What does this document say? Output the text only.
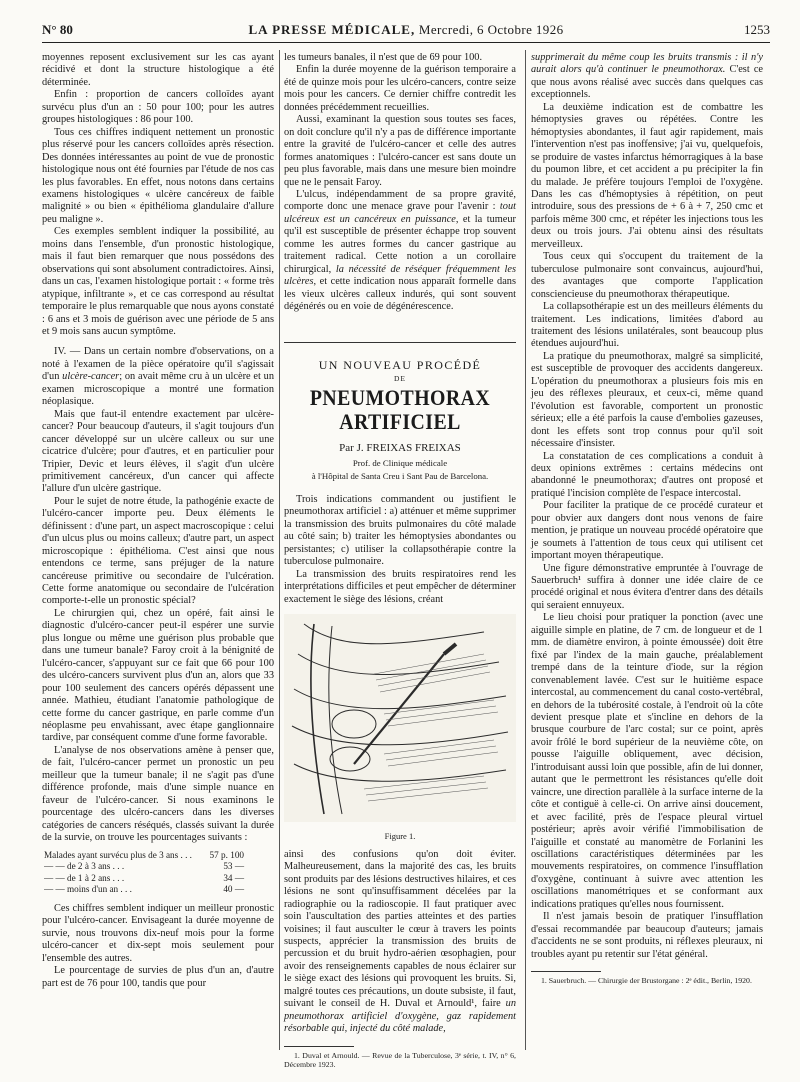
N° 80	LA PRESSE MÉDICALE, Mercredi, 6 Octobre 1926	1253

moyennes reposent exclusivement sur les cas ayant récidivé et dont la structure histologique a été déterminée.

Enfin : proportion de cancers colloïdes ayant survécu plus d'un an : 50 pour 100; pour les autres groupes histologiques : 86 pour 100.

Tous ces chiffres indiquent nettement un pronostic plus réservé pour les cancers colloïdes après résection. Des données intéressantes au point de vue de pronostic histologique nous ont été fournies par l'étude de nos cas les plus favorables. En effet, nous notons dans certains examens histologiques « ulcère cancéreux de faible malignité » ou bien « épithélioma glandulaire d'allure peu maligne ».

Ces exemples semblent indiquer la possibilité, au moins dans l'ensemble, d'un pronostic histologique, mais il faut bien remarquer que nous possédons des observations qui sont absolument contradictoires. Ainsi, dans un cas, l'examen histologique portait : « forme très atypique, infiltrante », et ce cas correspond au résultat temporaire le plus remarquable que nous ayons constaté : 6 ans et 3 mois de guérison avec une période de 5 ans et 9 mois sans aucun symptôme.

IV. — Dans un certain nombre d'observations, on a noté à l'examen de la pièce opératoire qu'il s'agissait d'un ulcère-cancer; on avait même cru à un ulcère et un examen microscopique a montré une formation néoplasique.

Mais que faut-il entendre exactement par ulcère-cancer? Pour beaucoup d'auteurs, il s'agit toujours d'un cancer développé sur un ulcère calleux ou sur une cicatrice d'ulcère; pour d'autres, et en particulier pour Tripier, Devic et leurs élèves, il s'agit d'un ulcère primitivement cancéreux, d'un cancer qui affecte l'allure d'un ulcère gastrique.

Pour le sujet de notre étude, la pathogénie exacte de l'ulcéro-cancer importe peu. Deux éléments le définissent : d'une part, un aspect macroscopique : celui d'un ulcus plus ou moins calleux; d'autre part, un aspect microscopique : épithélioma. C'est ainsi que nous entendons ce terme, sans préjuger de la nature cancéreuse primitive ou secondaire de l'ulcération. Cette forme anatomique ou secondaire de l'ulcération comporte-t-elle un pronostic spécial?

Le chirurgien qui, chez un opéré, fait ainsi le diagnostic d'ulcéro-cancer peut-il espérer une survie plus longue ou même une guérison plus probable que dans une tumeur banale? Faroy croit à la bénignité de l'ulcéro-cancer, s'appuyant sur ce fait que 66 pour 100 des ulcéro-cancers survivent plus d'un an, alors que 33 pour 100 seulement des cancers opérés dépassent une année. Mathieu, étudiant l'anatomie pathologique de cette forme du cancer gastrique, en parle comme d'un néoplasme peu envahissant, avec étape ganglionnaire tardive, par conséquent comme d'une forme favorable.

L'analyse de nos observations amène à penser que, de fait, l'ulcéro-cancer permet un pronostic un peu meilleur que la tumeur banale; il ne s'agit pas d'une différence profonde, mais d'une simple nuance en faveur de l'ulcéro-cancer. Si nous examinons le pourcentage des ulcéro-cancers dans les diverses catégories de cancers réséqués, classés suivant la durée de la survie, on trouve les pourcentages suivants :

Malades ayant survécu plus de 3 ans . . .	57 p. 100
— — de 2 à 3 ans . . .	53 —
— — de 1 à 2 ans . . .	34 —
— — moins d'un an . . .	40 —

Ces chiffres semblent indiquer un meilleur pronostic pour l'ulcéro-cancer. Envisageant la durée moyenne de survie, nous trouvons dix-neuf mois pour la forme ulcéro-cancer et dix-sept mois seulement pour l'ensemble des autres.

Le pourcentage de survies de plus d'un an, d'autre part est de 76 pour 100, tandis que pour

les tumeurs banales, il n'est que de 69 pour 100.

Enfin la durée moyenne de la guérison temporaire a été de quinze mois pour les ulcéro-cancers, contre seize mois pour les cancers. Ce dernier chiffre contredit les données précédemment recueillies.

Aussi, examinant la question sous toutes ses faces, on doit conclure qu'il n'y a pas de différence importante entre la gravité de l'ulcéro-cancer et celle des autres formes anatomiques : l'ulcéro-cancer est sans doute un peu plus favorable, mais dans une mesure bien moindre que ne le pensait Faroy.

L'ulcus, indépendamment de sa propre gravité, comporte donc une menace grave pour l'avenir : tout ulcéreux est un cancéreux en puissance, et la tumeur qu'il est susceptible de présenter échappe trop souvent comme les autres formes du cancer gastrique au traitement radical. Cette notion a un corollaire chirurgical, la nécessité de réséquer fréquemment les ulcères, et cette indication nous apparaît formelle dans les vieux ulcères calleux indurés, qui sont souvent dégénérés ou en voie de dégénérescence.

UN NOUVEAU PROCÉDÉ
DE
PNEUMOTHORAX ARTIFICIEL
Par J. FREIXAS FREIXAS
Prof. de Clinique médicale
à l'Hôpital de Santa Creu i Sant Pau de Barcelona.

Trois indications commandent ou justifient le pneumothorax artificiel : a) atténuer et même supprimer la transmission des bruits pulmonaires du côté malade au côté sain; b) traiter les hémoptysies abondantes ou persistantes; c) utiliser la collapsothérapie contre la tuberculose pulmonaire.

La transmission des bruits respiratoires rend les interprétations difficiles et peut empêcher de déterminer exactement le siège des lésions, créant

Figure 1.

ainsi des confusions qu'on doit éviter. Malheureusement, dans la majorité des cas, les bruits sont produits par des lésions destructives hilaires, et ces lésions ne sont qu'insuffisamment décelées par la radiographie ou la radioscopie. Il faut pratiquer avec soin l'auscultation des parties atteintes et des parties voisines; il faut ausculter le cœur à travers les points suspects, apprécier la transmission des bruits de percussion et du bruit hydro-aérien œsophagien, pour avoir des renseignements capables de nous éclairer sur le siège exact des lésions qui provoquent les bruits. Si, malgré toutes ces précautions, un doute subsiste, il faut, suivant le conseil de H. Duval et Arnould¹, faire un pneumothorax artificiel d'oxygène, gaz rapidement résorbable qui, injecté du côté malade,

1. Duval et Arnould. — Revue de la Tuberculose, 3ᵉ série, t. IV, n° 6, Décembre 1923.

supprimerait du même coup les bruits transmis : il n'y aurait alors qu'à continuer le pneumothorax. C'est ce que nous avons réalisé avec succès dans quelques cas exceptionnels.

La deuxième indication est de combattre les hémoptysies graves ou répétées. Contre les hémoptysies abondantes, il faut agir rapidement, mais l'intervention n'est pas inoffensive; j'ai vu, quelquefois, se produire de vastes infarctus hémorragiques à la base du poumon libre, et cet accident a pu précipiter la fin du malade. Je préfère toujours l'emploi de l'oxygène. Dans les cas d'hémoptysies à répétition, on peut introduire, sous des pressions de + 6 à + 7, 250 cmc et parfois même 300 cmc, et répéter les injections tous les deux ou trois jours. J'ai obtenu ainsi des résultats merveilleux.

Tous ceux qui s'occupent du traitement de la tuberculose pulmonaire sont convaincus, aujourd'hui, des avantages que comporte l'application consciencieuse du pneumothorax thérapeutique.

La collapsothérapie est un des meilleurs éléments du traitement. Les indications, limitées d'abord au traitement des lésions unilatérales, sont beaucoup plus étendues aujourd'hui.

La pratique du pneumothorax, malgré sa simplicité, est susceptible de provoquer des accidents dangereux. L'opération du pneumothorax a plusieurs fois mis en jeu des réflexes pleuraux, et ceux-ci, même quand l'évolution est favorable, comportent un pronostic sérieux; elle a été parfois la cause d'embolies gazeuses, dont les effets sont trop connus pour qu'il soit nécessaire d'insister.

La constatation de ces complications a conduit à deux opinions extrêmes : certains médecins ont abandonné le pneumothorax; d'autres ont proposé et pratiqué l'incision complète de l'espace intercostal.

Pour faciliter la pratique de ce procédé curateur et pour obvier aux dangers dont nous venons de faire mention, je pratique un nouveau procédé opératoire que je soumets à l'attention de tous ceux qui utilisent cet important moyen thérapeutique.

Une figure démonstrative empruntée à l'ouvrage de Sauerbruch¹ suffira à donner une idée claire de ce procédé original et nous évitera d'entrer dans des détails qui seraient ennuyeux.

Le lieu choisi pour pratiquer la ponction (avec une aiguille simple en platine, de 7 cm. de longueur et de 1 mm. de diamètre environ, à pointe émoussée) doit être fixé par l'index de la main gauche, préalablement trempé dans de la teinture d'iode, sur la région convenablement lavée. C'est sur le huitième espace intercostal, au commencement du canal costo-vertébral, en dehors de la tubérosité costale, à l'endroit où la côte devient presque plate et s'incline en dehors de la brusque courbure de l'arc costal; sur ce point, après avoir frôlé le bord supérieur de la neuvième côte, on pousse l'aiguille obliquement, avec décision, l'introduisant aussi loin que possible, afin de lui donner, autant que le permettront les résistances qu'elle doit vaincre, une direction parallèle à la surface interne de la côte et contiguë à celle-ci. On arrive ainsi doucement, et avec facilité, près de l'espace pleural virtuel postérieur; après avoir vérifié l'immobilisation de l'aiguille et constaté au manomètre de Forlanini les oscillations caractéristiques déterminées par les mouvements respiratoires, on commence l'insufflation d'oxygène, continuant à suivre avec attention les oscillations manométriques et se conformant aux indications pratiques qu'elles nous fournissent.

Il n'est jamais besoin de pratiquer l'insufflation d'essai recommandée par beaucoup d'auteurs; jamais d'accidents ne se sont produits, ni réflexes pleuraux, ni troubles ayant pu retentir sur l'état général.

1. Sauerbruch. — Chirurgie der Brustorgane : 2ᵉ édit., Berlin, 1920.
